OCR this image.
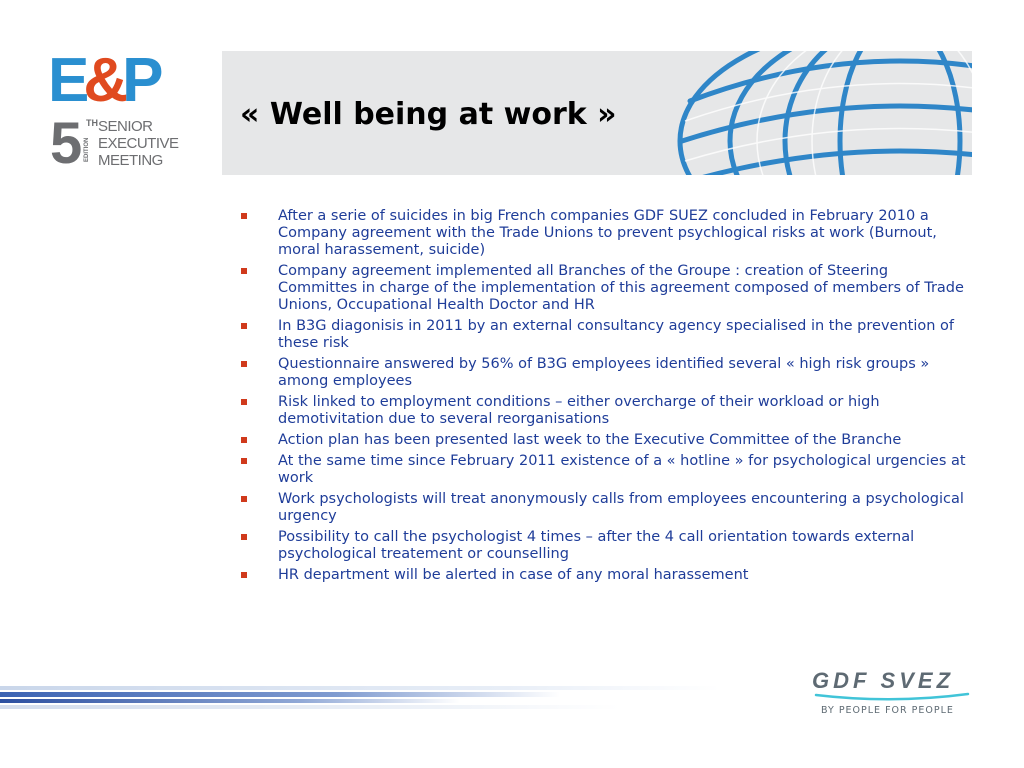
E&P
5 TH
EDITION
SENIOR
EXECUTIVE
MEETING
« Well being at work »
After a serie of suicides in big French companies GDF SUEZ concluded in February 2010 a Company agreement with the Trade Unions to prevent psychlogical risks at work (Burnout, moral harassement, suicide)
Company agreement implemented all Branches of the Groupe : creation of Steering Committes in charge of the implementation of this agreement composed of members of Trade Unions, Occupational Health Doctor and HR
In B3G diagonisis in 2011 by an external consultancy agency specialised in the prevention of these risk
Questionnaire answered by 56% of B3G employees identified several « high risk groups » among employees
Risk linked to employment conditions – either overcharge of their workload or high demotivitation due to several reorganisations
Action plan has been presented last week to the Executive Committee of the Branche
At the same time since February 2011 existence of a « hotline » for psychological urgencies at work
Work psychologists will treat anonymously calls from employees encountering a psychological urgency
Possibility to call the psychologist 4 times – after the 4 call orientation towards external psychological treatement or counselling
HR department will be alerted in case of any moral harassement
GDF SVEZ
BY PEOPLE FOR PEOPLE
